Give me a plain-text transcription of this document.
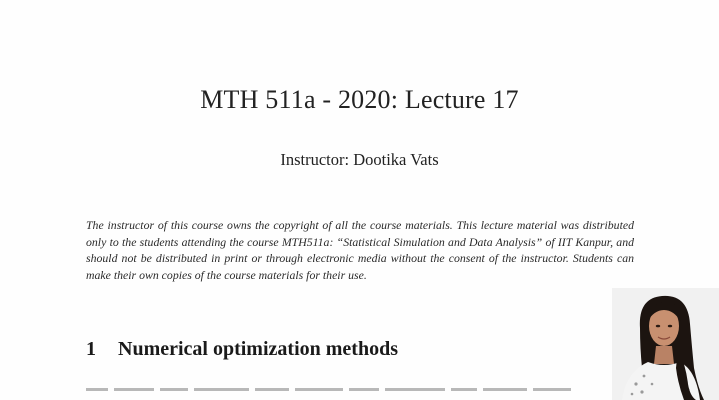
MTH 511a - 2020: Lecture 17
Instructor: Dootika Vats
The instructor of this course owns the copyright of all the course materials. This lecture material was distributed only to the students attending the course MTH511a: “Statistical Simulation and Data Analysis” of IIT Kanpur, and should not be distributed in print or through electronic media without the consent of the instructor. Students can make their own copies of the course materials for their use.
1 Numerical optimization methods
